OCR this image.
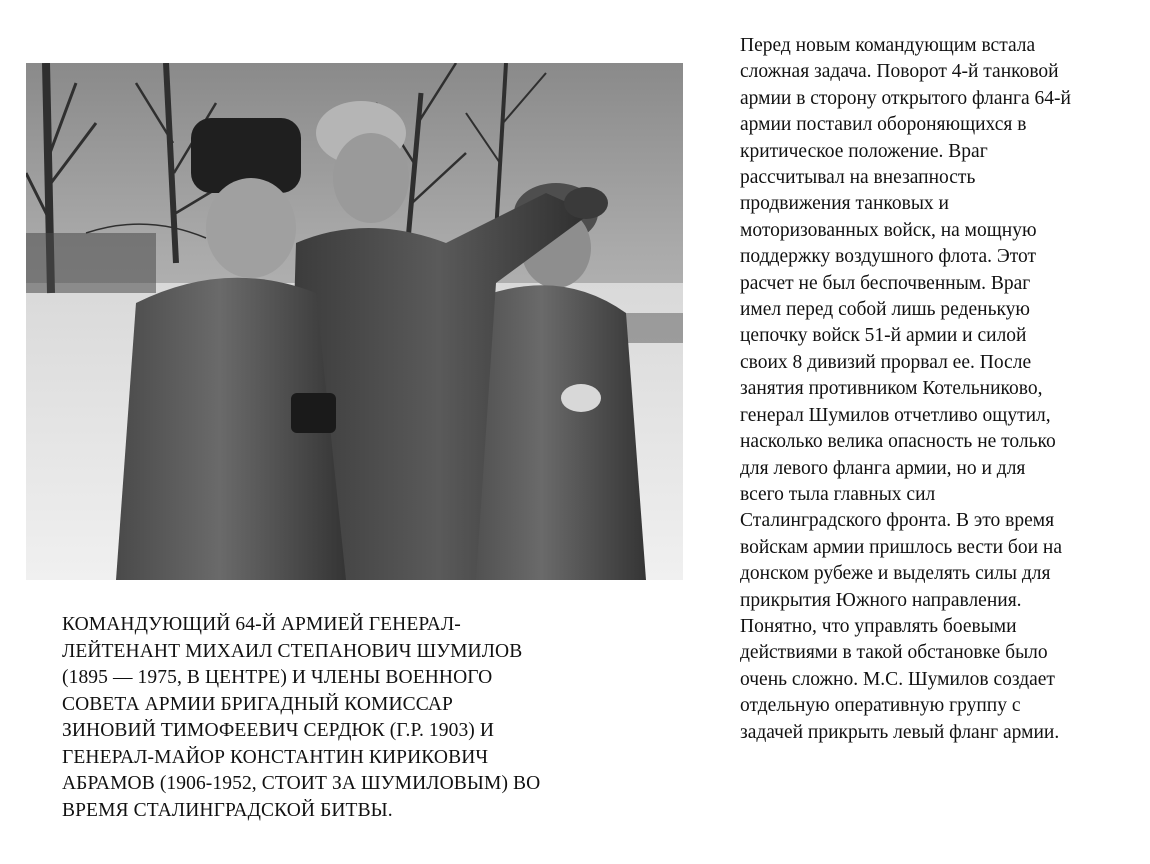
КОМАНДУЮЩИЙ 64-Й АРМИЕЙ ГЕНЕРАЛ-
ЛЕЙТЕНАНТ МИХАИЛ СТЕПАНОВИЧ ШУМИЛОВ
(1895 — 1975, В ЦЕНТРЕ) И ЧЛЕНЫ ВОЕННОГО
СОВЕТА АРМИИ БРИГАДНЫЙ КОМИССАР
ЗИНОВИЙ ТИМОФЕЕВИЧ СЕРДЮК (Г.Р. 1903) И
ГЕНЕРАЛ-МАЙОР КОНСТАНТИН КИРИКОВИЧ
АБРАМОВ (1906-1952, СТОИТ ЗА ШУМИЛОВЫМ) ВО
ВРЕМЯ СТАЛИНГРАДСКОЙ БИТВЫ.

Перед новым командующим встала
сложная задача. Поворот 4-й танковой
армии в сторону открытого фланга 64-й
армии поставил обороняющихся в
критическое положение. Враг
рассчитывал на внезапность
продвижения танковых и
моторизованных войск, на мощную
поддержку воздушного флота. Этот
расчет не был беспочвенным. Враг
имел перед собой лишь реденькую
цепочку войск 51-й армии и силой
своих 8 дивизий прорвал ее. После
занятия противником Котельниково,
генерал Шумилов отчетливо ощутил,
насколько велика опасность не только
для левого фланга армии, но и для
всего тыла главных сил
Сталинградского фронта. В это время
войскам армии пришлось вести бои на
донском рубеже и выделять силы для
прикрытия Южного направления.
Понятно, что управлять боевыми
действиями в такой обстановке было
очень сложно. М.С. Шумилов создает
отдельную оперативную группу с
задачей прикрыть левый фланг армии.
